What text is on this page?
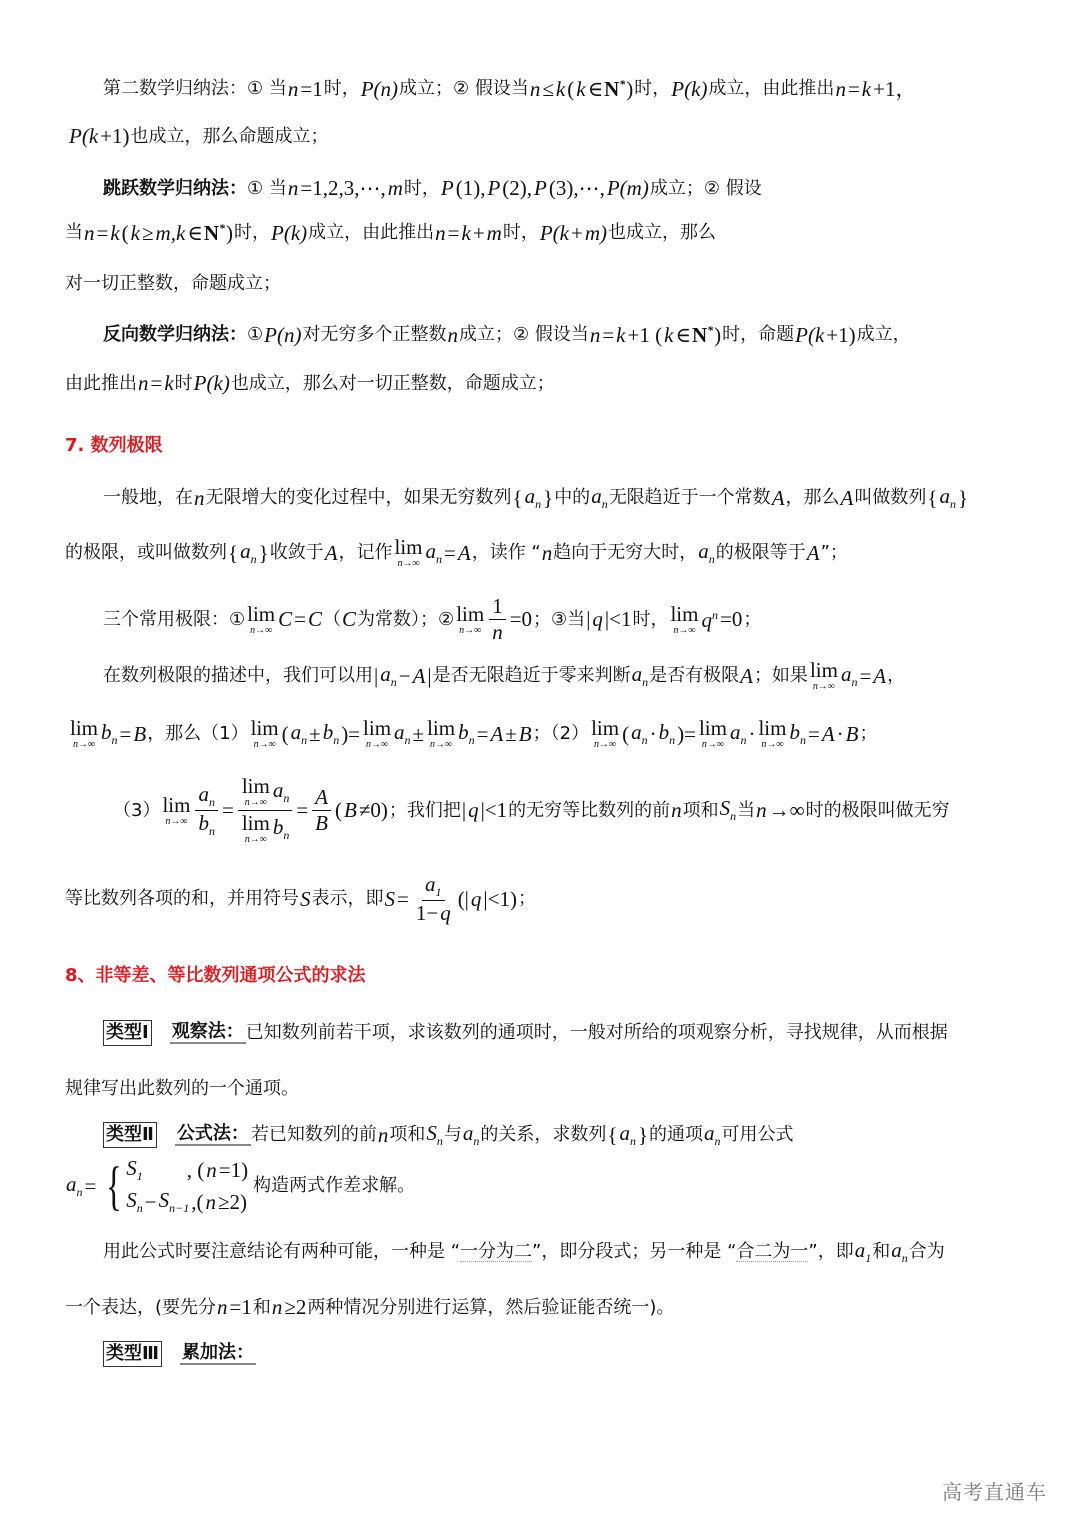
第二数学归纳法：① 当 n =1 时， P(n) 成立；② 假设当 n ≤ k ( k ∈ N* ) 时， P(k) 成立，由此推出 n = k +1，
P(k +1) 也成立，那么命题成立；
跳跃数学归纳法： ① 当 n =1,2,3,⋯, m 时， P (1), P (2), P (3),⋯, P(m) 成立；② 假设
当 n = k ( k ≥ m,k ∈ N* ) 时， P(k) 成立，由此推出 n = k + m 时， P(k + m) 也成立，那么
对一切正整数，命题成立；
反向数学归纳法： ① P(n) 对无穷多个正整数 n 成立；② 假设当 n = k +1 ( k ∈ N* ) 时，命题 P(k +1) 成立，
由此推出 n = k 时 P(k) 也成立，那么对一切正整数，命题成立；
7. 数列极限
一般地，在 n 无限增大的变化过程中，如果无穷数列 { $a_n$ } 中的 $a_n$ 无限趋近于一个常数 A ，那么 A 叫做数列 { $a_n$ }
的极限，或叫做数列 { $a_n$ } 收敛于 A ，记作 lim
n→∞
$a_n = A$ ，读作 “ n 趋向于无穷大时， $a_n$ 的极限等于 A ”；
三个常用极限：① lim
n→∞ C = C （ C 为常数）；② lim
$n\to\infty \frac{1}{n} =0$ ；③当 | q |<1 时， lim
n→∞ $q^n =0$ ；
在数列极限的描述中，我们可以用 | $a_n - A$ | 是否无限趋近于零来判断 $a_n$ 是否有极限 A ；如果 lim
n→∞
$a_n = A$ ，
lim
n→∞
$b_n = B$ ，那么（1） lim
n→∞ ( $a_n \pm b_n$ )= lim
n→∞
$a_n \pm \lim$
n→∞
$b_n = A \pm B$ ；（2） lim
n→∞ ( $a_n \cdot b_n$ )= lim
n→∞
$a_n \cdot \lim$
n→∞
$b_n = A \cdot B$ ；
（3） lim
$n\to\infty \frac{a_n}{b_n} = \lim$
n→∞
$a_n$
lim
n→∞
$b_n = \frac{A}{B}$ ( B ≠0) ；我们把 | q |<1 的无穷等比数列的前 n 项和 $S_n$ 当 n →∞ 时的极限叫做无穷
等比数列各项的和，并用符号 S 表示，即 $S = \frac{a_1}{1- q}$ (| q |<1) ；
8、非等差、等比数列通项公式的求法
类型Ⅰ 观察法： 已知数列前若干项，求该数列的通项时，一般对所给的项观察分析，寻找规律，从而根据
规律写出此数列的一个通项。
类型Ⅱ 公式法： 若已知数列的前 n 项和 $S_n$ 与 $a_n$ 的关系，求数列 { $a_n$ } 的通项 $a_n$ 可用公式
$a_n$ = { $S_1$ 　　, ( n =1)
$S_n - S_{n-1}$ ,( n ≥2)
构造两式作差求解。
用此公式时要注意结论有两种可能，一种是 “ 一分为二 ”，即分段式；另一种是 “ 合二为一 ”，即 $a_1$ 和 $a_n$ 合为
一个表达，(要先分 n =1 和 n ≥2 两种情况分别进行运算，然后验证能否统一)。
类型Ⅲ 累加法：
高考直通车
